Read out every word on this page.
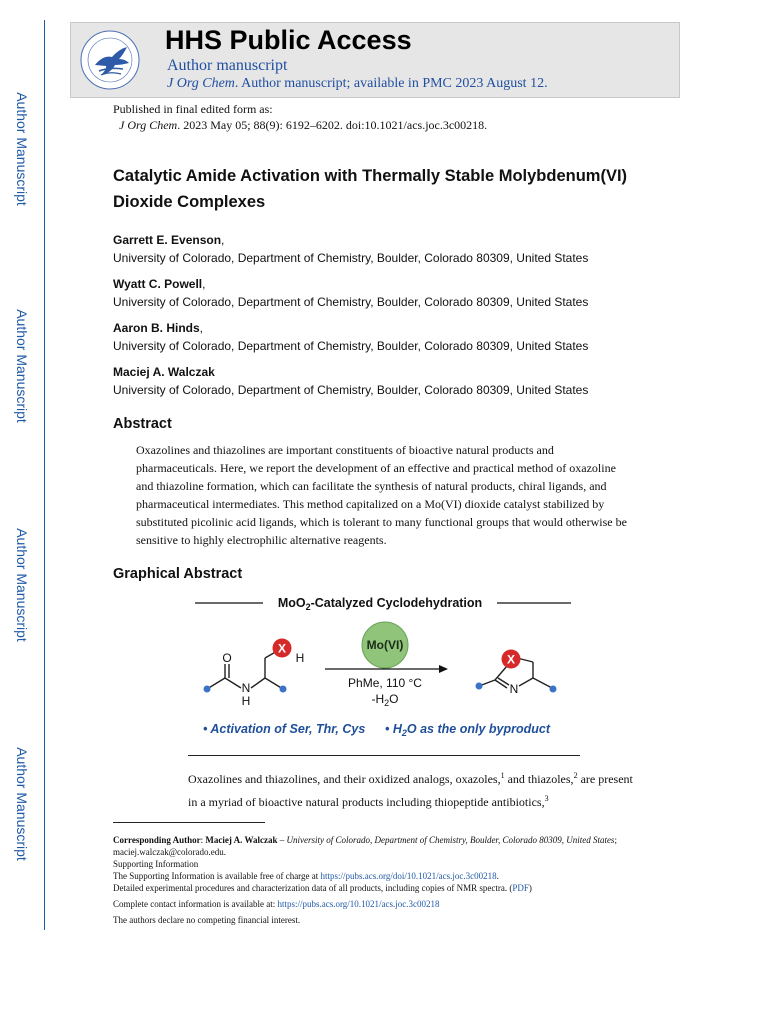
Author Manuscript
Author Manuscript
Author Manuscript
Author Manuscript
HHS Public Access
Author manuscript
J Org Chem. Author manuscript; available in PMC 2023 August 12.
Published in final edited form as:
J Org Chem. 2023 May 05; 88(9): 6192–6202. doi:10.1021/acs.joc.3c00218.
Catalytic Amide Activation with Thermally Stable Molybdenum(VI) Dioxide Complexes
Garrett E. Evenson,
University of Colorado, Department of Chemistry, Boulder, Colorado 80309, United States
Wyatt C. Powell,
University of Colorado, Department of Chemistry, Boulder, Colorado 80309, United States
Aaron B. Hinds,
University of Colorado, Department of Chemistry, Boulder, Colorado 80309, United States
Maciej A. Walczak
University of Colorado, Department of Chemistry, Boulder, Colorado 80309, United States
Abstract
Oxazolines and thiazolines are important constituents of bioactive natural products and pharmaceuticals. Here, we report the development of an effective and practical method of oxazoline and thiazoline formation, which can facilitate the synthesis of natural products, chiral ligands, and pharmaceutical intermediates. This method capitalized on a Mo(VI) dioxide catalyst stabilized by substituted picolinic acid ligands, which is tolerant to many functional groups that would otherwise be sensitive to highly electrophilic alternative reagents.
Graphical Abstract
MoO$_2$-Catalyzed Cyclodehydration
O
N
H
X
H
Mo(VI)
PhMe, 110 °C
$-H_2O$
X
N
• Activation of Ser, Thr, Cys • $H_2O$ as the only byproduct
Oxazolines and thiazolines, and their oxidized analogs, oxazoles,$^1$ and thiazoles,$^2$ are present in a myriad of bioactive natural products including thiopeptide antibiotics,$^3$

Corresponding Author: Maciej A. Walczak – University of Colorado, Department of Chemistry, Boulder, Colorado 80309, United States; maciej.walczak@colorado.edu.

Supporting Information

The Supporting Information is available free of charge at https://pubs.acs.org/doi/10.1021/acs.joc.3c00218.

Detailed experimental procedures and characterization data of all products, including copies of NMR spectra. (PDF)

Complete contact information is available at: https://pubs.acs.org/10.1021/acs.joc.3c00218

The authors declare no competing financial interest.
